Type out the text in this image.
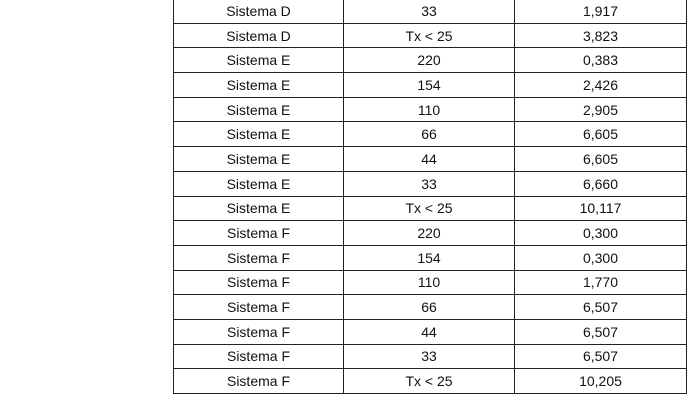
Sistema D	33	1,917
Sistema D	Tx < 25	3,823
Sistema E	220	0,383
Sistema E	154	2,426
Sistema E	110	2,905
Sistema E	66	6,605
Sistema E	44	6,605
Sistema E	33	6,660
Sistema E	Tx < 25	10,117
Sistema F	220	0,300
Sistema F	154	0,300
Sistema F	110	1,770
Sistema F	66	6,507
Sistema F	44	6,507
Sistema F	33	6,507
Sistema F	Tx < 25	10,205
